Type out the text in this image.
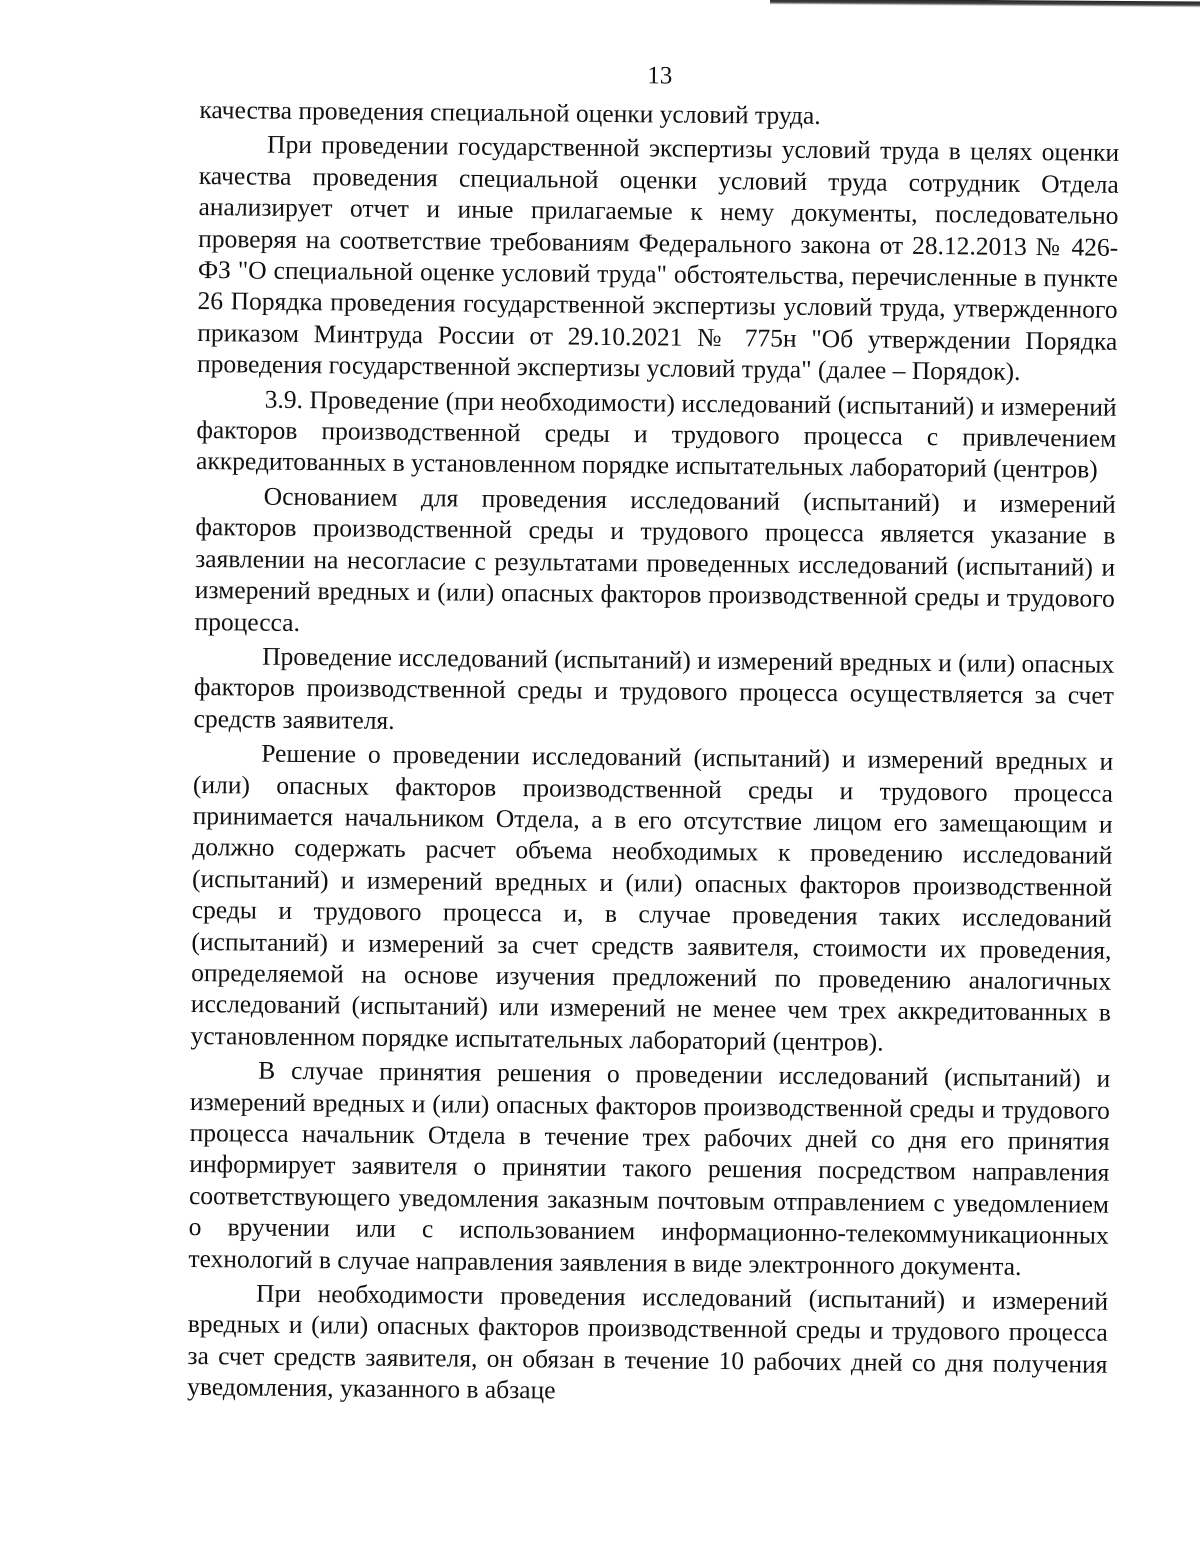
13

качества проведения специальной оценки условий труда.

При проведении государственной экспертизы условий труда в целях оценки качества проведения специальной оценки условий труда сотрудник Отдела анализирует отчет и иные прилагаемые к нему документы, последовательно проверяя на соответствие требованиям Федерального закона от 28.12.2013 № 426-ФЗ "О специальной оценке условий труда" обстоятельства, перечисленные в пункте 26 Порядка проведения государственной экспертизы условий труда, утвержденного приказом Минтруда России от 29.10.2021 № 775н "Об утверждении Порядка проведения государственной экспертизы условий труда" (далее – Порядок).

3.9. Проведение (при необходимости) исследований (испытаний) и измерений факторов производственной среды и трудового процесса с привлечением аккредитованных в установленном порядке испытательных лабораторий (центров)

Основанием для проведения исследований (испытаний) и измерений факторов производственной среды и трудового процесса является указание в заявлении на несогласие с результатами проведенных исследований (испытаний) и измерений вредных и (или) опасных факторов производственной среды и трудового процесса.

Проведение исследований (испытаний) и измерений вредных и (или) опасных факторов производственной среды и трудового процесса осуществляется за счет средств заявителя.

Решение о проведении исследований (испытаний) и измерений вредных и (или) опасных факторов производственной среды и трудового процесса принимается начальником Отдела, а в его отсутствие лицом его замещающим и должно содержать расчет объема необходимых к проведению исследований (испытаний) и измерений вредных и (или) опасных факторов производственной среды и трудового процесса и, в случае проведения таких исследований (испытаний) и измерений за счет средств заявителя, стоимости их проведения, определяемой на основе изучения предложений по проведению аналогичных исследований (испытаний) или измерений не менее чем трех аккредитованных в установленном порядке испытательных лабораторий (центров).

В случае принятия решения о проведении исследований (испытаний) и измерений вредных и (или) опасных факторов производственной среды и трудового процесса начальник Отдела в течение трех рабочих дней со дня его принятия информирует заявителя о принятии такого решения посредством направления соответствующего уведомления заказным почтовым отправлением с уведомлением о вручении или с использованием информационно-телекоммуникационных технологий в случае направления заявления в виде электронного документа.

При необходимости проведения исследований (испытаний) и измерений вредных и (или) опасных факторов производственной среды и трудового процесса за счет средств заявителя, он обязан в течение 10 рабочих дней со дня получения уведомления, указанного в абзаце
